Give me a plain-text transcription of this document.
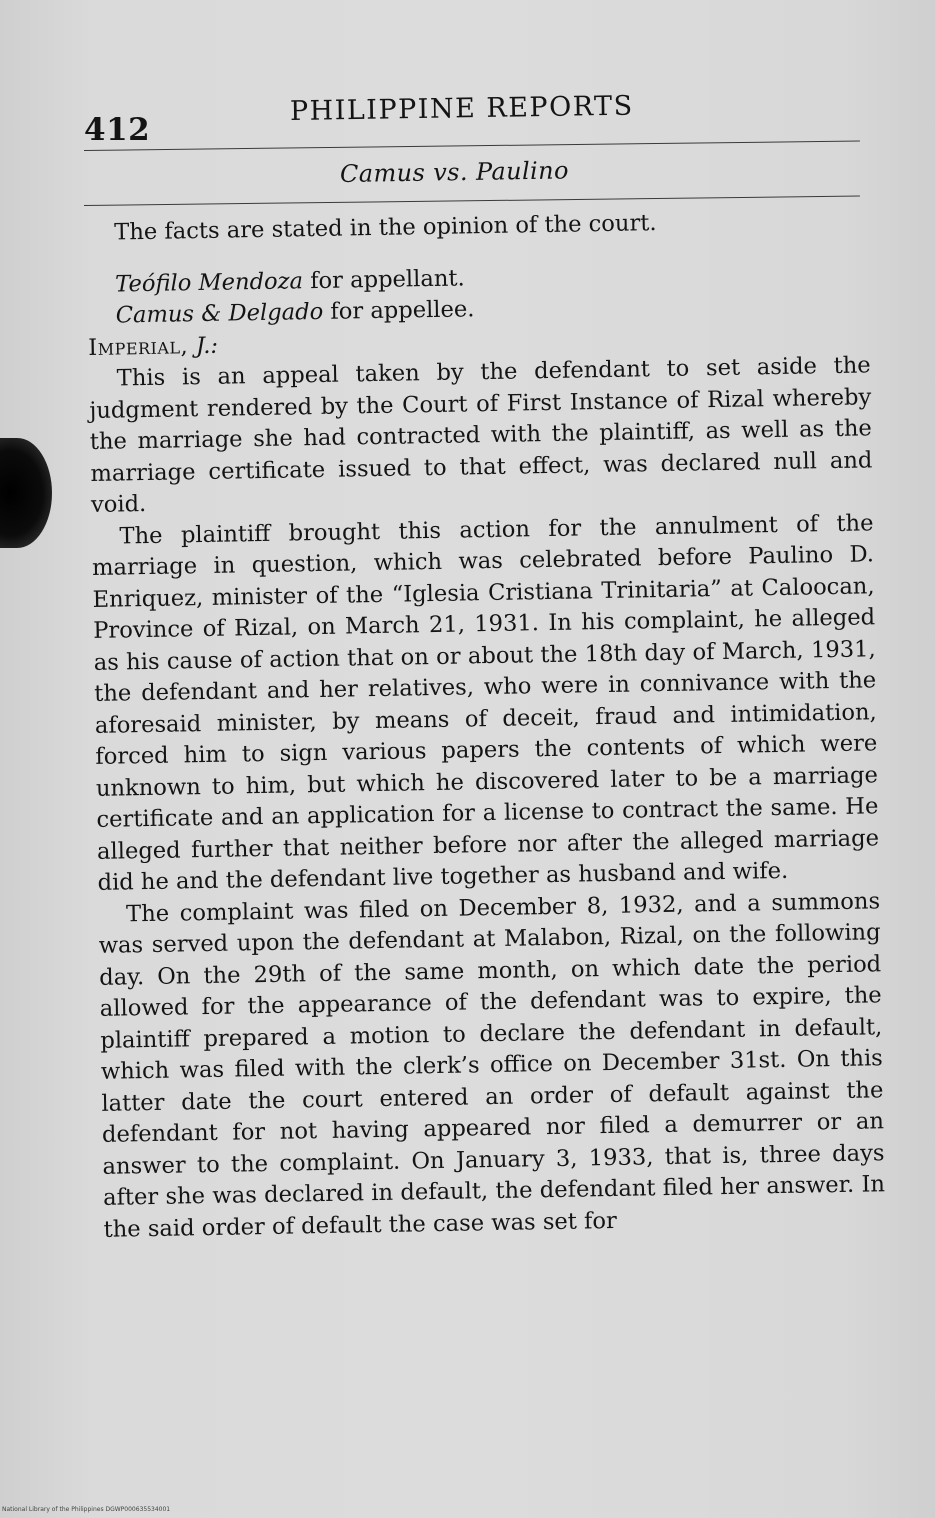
412
PHILIPPINE REPORTS
Camus vs. Paulino

The facts are stated in the opinion of the court.

Teófilo Mendoza for appellant.
Camus & Delgado for appellee.

Imperial, J.:

This is an appeal taken by the defendant to set aside the judgment rendered by the Court of First Instance of Rizal whereby the marriage she had contracted with the plaintiff, as well as the marriage certificate issued to that effect, was declared null and void.

The plaintiff brought this action for the annulment of the marriage in question, which was celebrated before Paulino D. Enriquez, minister of the “Iglesia Cristiana Trinitaria” at Caloocan, Province of Rizal, on March 21, 1931. In his complaint, he alleged as his cause of action that on or about the 18th day of March, 1931, the defendant and her relatives, who were in connivance with the aforesaid minister, by means of deceit, fraud and intimidation, forced him to sign various papers the contents of which were unknown to him, but which he discovered later to be a marriage certificate and an application for a license to contract the same. He alleged further that neither before nor after the alleged marriage did he and the defendant live together as husband and wife.

The complaint was filed on December 8, 1932, and a summons was served upon the defendant at Malabon, Rizal, on the following day. On the 29th of the same month, on which date the period allowed for the appearance of the defendant was to expire, the plaintiff prepared a motion to declare the defendant in default, which was filed with the clerk’s office on December 31st. On this latter date the court entered an order of default against the defendant for not having appeared nor filed a demurrer or an answer to the complaint. On January 3, 1933, that is, three days after she was declared in default, the defendant filed her answer. In the said order of default the case was set for

National Library of the Philippines DGWP000635534001
